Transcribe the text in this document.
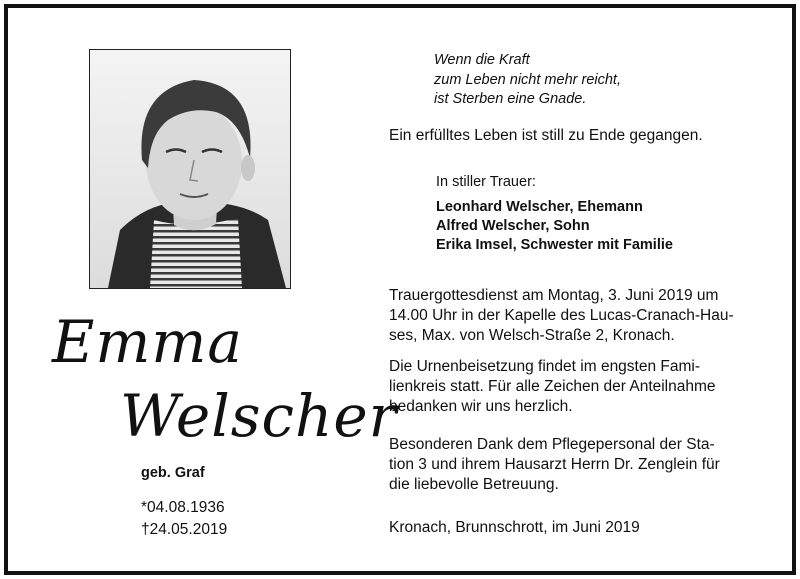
Wenn die Kraft
zum Leben nicht mehr reicht,
ist Sterben eine Gnade.
Ein erfülltes Leben ist still zu Ende gegangen.
In stiller Trauer:
Leonhard Welscher, Ehemann
Alfred Welscher, Sohn
Erika Imsel, Schwester mit Familie
Trauergottesdienst am Montag, 3. Juni 2019 um
14.00 Uhr in der Kapelle des Lucas-Cranach-Hau-
ses, Max. von Welsch-Straße 2, Kronach.
Die Urnenbeisetzung findet im engsten Fami-
lienkreis statt. Für alle Zeichen der Anteilnahme
bedanken wir uns herzlich.
Besonderen Dank dem Pflegepersonal der Sta-
tion 3 und ihrem Hausarzt Herrn Dr. Zenglein für
die liebevolle Betreuung.
Kronach, Brunnschrott, im Juni 2019
Emma
Welscher
geb. Graf
*04.08.1936
†24.05.2019
